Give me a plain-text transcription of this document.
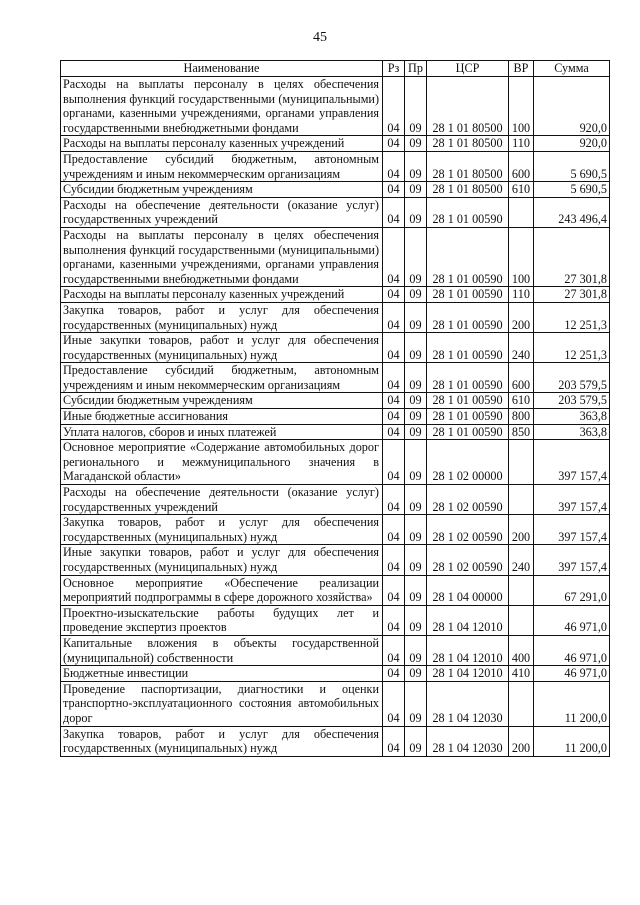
45
Наименование	Рз	Пр	ЦСР	ВР	Сумма
Расходы на выплаты персоналу в целях обеспечения выполнения функций государственными (муниципальными) органами, казенными учреждениями, органами управления государственными внебюджетными фондами	04	09	28 1 01 80500	100	920,0
Расходы на выплаты персоналу казенных учреждений	04	09	28 1 01 80500	110	920,0
Предоставление субсидий бюджетным, автономным учреждениям и иным некоммерческим организациям	04	09	28 1 01 80500	600	5 690,5
Субсидии бюджетным учреждениям	04	09	28 1 01 80500	610	5 690,5
Расходы на обеспечение деятельности (оказание услуг) государственных учреждений	04	09	28 1 01 00590		243 496,4
Расходы на выплаты персоналу в целях обеспечения выполнения функций государственными (муниципальными) органами, казенными учреждениями, органами управления государственными внебюджетными фондами	04	09	28 1 01 00590	100	27 301,8
Расходы на выплаты персоналу казенных учреждений	04	09	28 1 01 00590	110	27 301,8
Закупка товаров, работ и услуг для обеспечения государственных (муниципальных) нужд	04	09	28 1 01 00590	200	12 251,3
Иные закупки товаров, работ и услуг для обеспечения государственных (муниципальных) нужд	04	09	28 1 01 00590	240	12 251,3
Предоставление субсидий бюджетным, автономным учреждениям и иным некоммерческим организациям	04	09	28 1 01 00590	600	203 579,5
Субсидии бюджетным учреждениям	04	09	28 1 01 00590	610	203 579,5
Иные бюджетные ассигнования	04	09	28 1 01 00590	800	363,8
Уплата налогов, сборов и иных платежей	04	09	28 1 01 00590	850	363,8
Основное мероприятие «Содержание автомобильных дорог регионального и межмуниципального значения в Магаданской области»	04	09	28 1 02 00000		397 157,4
Расходы на обеспечение деятельности (оказание услуг) государственных учреждений	04	09	28 1 02 00590		397 157,4
Закупка товаров, работ и услуг для обеспечения государственных (муниципальных) нужд	04	09	28 1 02 00590	200	397 157,4
Иные закупки товаров, работ и услуг для обеспечения государственных (муниципальных) нужд	04	09	28 1 02 00590	240	397 157,4
Основное мероприятие «Обеспечение реализации мероприятий подпрограммы в сфере дорожного хозяйства»	04	09	28 1 04 00000		67 291,0
Проектно-изыскательские работы будущих лет и проведение экспертиз проектов	04	09	28 1 04 12010		46 971,0
Капитальные вложения в объекты государственной (муниципальной) собственности	04	09	28 1 04 12010	400	46 971,0
Бюджетные инвестиции	04	09	28 1 04 12010	410	46 971,0
Проведение паспортизации, диагностики и оценки транспортно-эксплуатационного состояния автомобильных дорог	04	09	28 1 04 12030		11 200,0
Закупка товаров, работ и услуг для обеспечения государственных (муниципальных) нужд	04	09	28 1 04 12030	200	11 200,0
